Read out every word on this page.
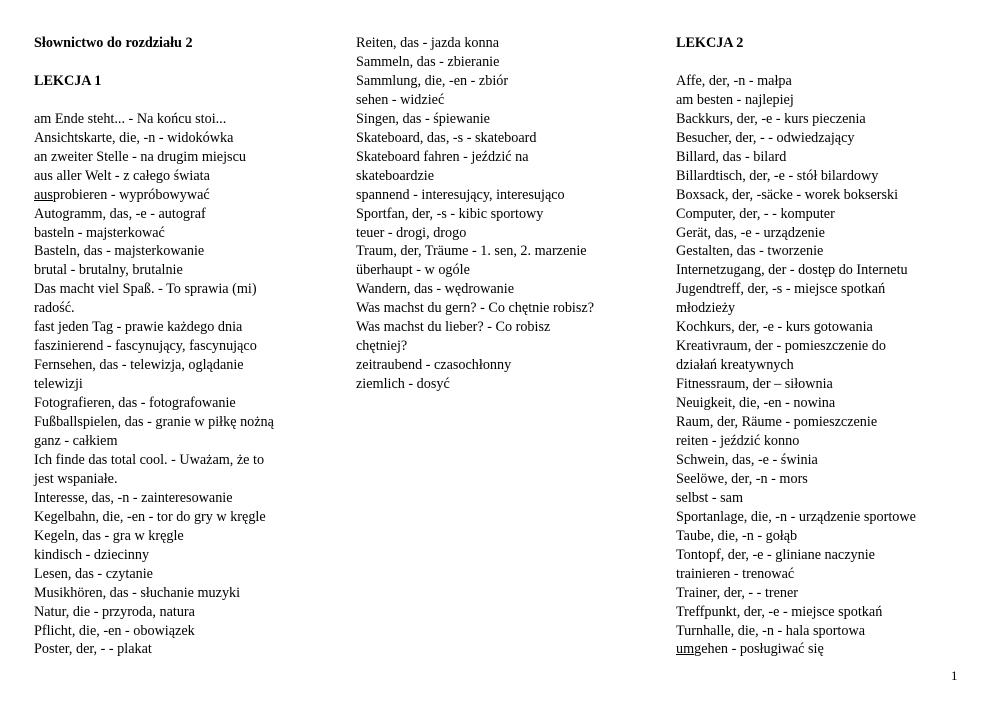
Słownictwo do rozdziału 2
LEKCJA 1
am Ende steht... - Na końcu stoi...
Ansichtskarte, die, -n - widokówka
an zweiter Stelle - na drugim miejscu
aus aller Welt - z całego świata
ausprobieren - wypróbowywać
Autogramm, das, -e - autograf
basteln - majsterkować
Basteln, das - majsterkowanie
brutal - brutalny, brutalnie
Das macht viel Spaß. - To sprawia (mi)
radość.
fast jeden Tag - prawie każdego dnia
faszinierend - fascynujący, fascynująco
Fernsehen, das - telewizja, oglądanie
telewizji
Fotografieren, das - fotografowanie
Fußballspielen, das - granie w piłkę nożną
ganz - całkiem
Ich finde das total cool. - Uważam, że to
jest wspaniałe.
Interesse, das, -n - zainteresowanie
Kegelbahn, die, -en - tor do gry w kręgle
Kegeln, das - gra w kręgle
kindisch - dziecinny
Lesen, das - czytanie
Musikhören, das - słuchanie muzyki
Natur, die - przyroda, natura
Pflicht, die, -en - obowiązek
Poster, der, - - plakat
Reiten, das - jazda konna
Sammeln, das - zbieranie
Sammlung, die, -en - zbiór
sehen - widzieć
Singen, das - śpiewanie
Skateboard, das, -s - skateboard
Skateboard fahren - jeździć na
skateboardzie
spannend - interesujący, interesująco
Sportfan, der, -s - kibic sportowy
teuer - drogi, drogo
Traum, der, Träume - 1. sen, 2. marzenie
überhaupt - w ogóle
Wandern, das - wędrowanie
Was machst du gern? - Co chętnie robisz?
Was machst du lieber? - Co robisz
chętniej?
zeitraubend - czasochłonny
ziemlich - dosyć
LEKCJA 2
Affe, der, -n - małpa
am besten - najlepiej
Backkurs, der, -e - kurs pieczenia
Besucher, der, - - odwiedzający
Billard, das - bilard
Billardtisch, der, -e - stół bilardowy
Boxsack, der, -säcke - worek bokserski
Computer, der, - - komputer
Gerät, das, -e - urządzenie
Gestalten, das - tworzenie
Internetzugang, der - dostęp do Internetu
Jugendtreff, der, -s - miejsce spotkań
młodzieży
Kochkurs, der, -e - kurs gotowania
Kreativraum, der - pomieszczenie do
działań kreatywnych
Fitnessraum, der – siłownia
Neuigkeit, die, -en - nowina
Raum, der, Räume - pomieszczenie
reiten - jeździć konno
Schwein, das, -e - świnia
Seelöwe, der, -n - mors
selbst - sam
Sportanlage, die, -n - urządzenie sportowe
Taube, die, -n - gołąb
Tontopf, der, -e - gliniane naczynie
trainieren - trenować
Trainer, der, - - trener
Treffpunkt, der, -e - miejsce spotkań
Turnhalle, die, -n - hala sportowa
umgehen - posługiwać się
1
